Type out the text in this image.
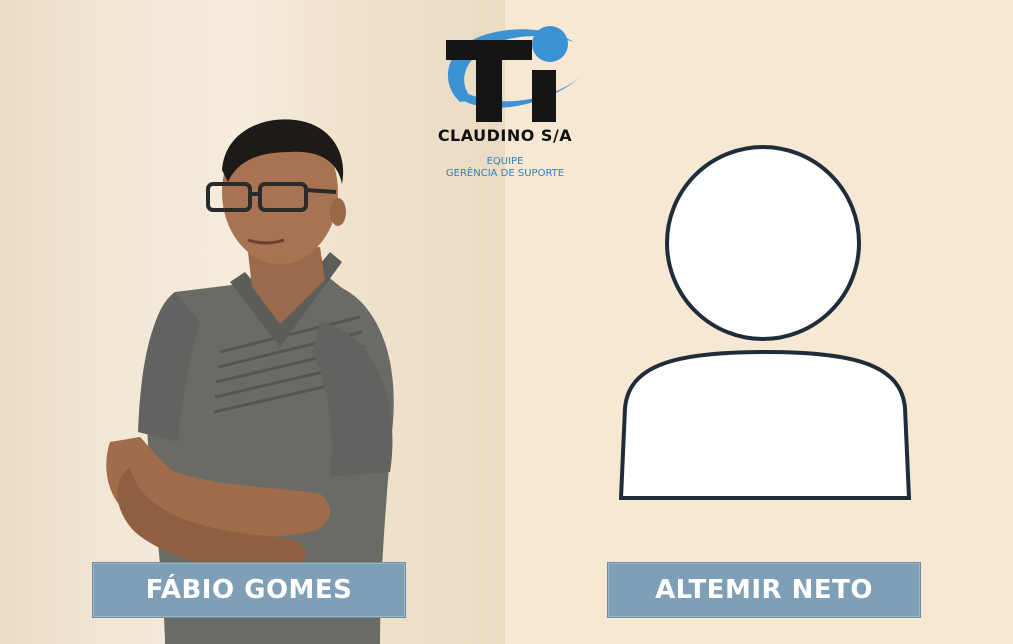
CLAUDINO S/A
EQUIPE
GERÊNCIA DE SUPORTE
FÁBIO GOMES	ALTEMIR NETO
